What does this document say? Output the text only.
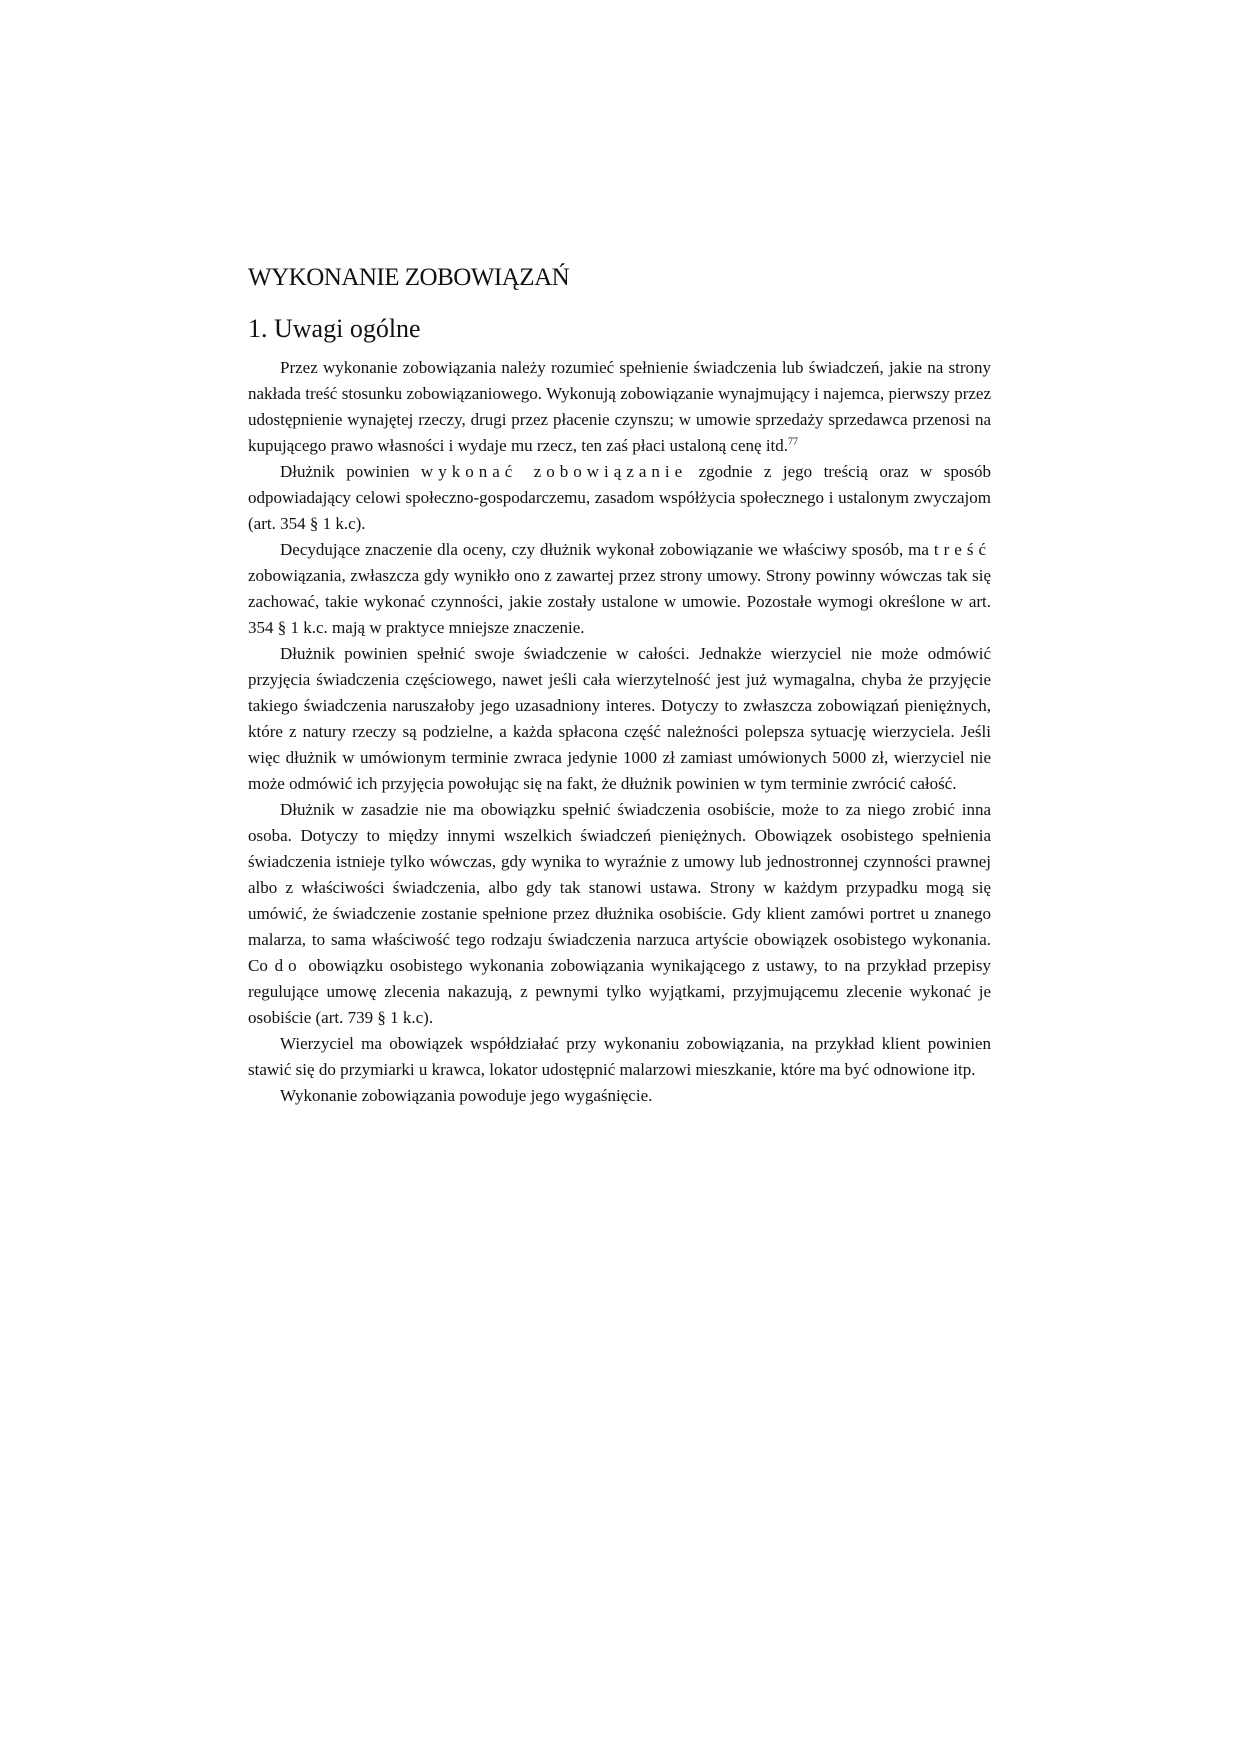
WYKONANIE ZOBOWIĄZAŃ
1. Uwagi ogólne

Przez wykonanie zobowiązania należy rozumieć spełnienie świadczenia lub świadczeń, jakie na strony nakłada treść stosunku zobowiązaniowego. Wykonują zobowiązanie wynajmujący i najemca, pierwszy przez udostępnienie wynajętej rzeczy, drugi przez płacenie czynszu; w umowie sprzedaży sprzedawca przenosi na kupującego prawo własności i wydaje mu rzecz, ten zaś płaci ustaloną cenę itd.$^{77}$

Dłużnik powinien wykonać zobowiązanie zgodnie z jego treścią oraz w sposób odpowiadający celowi społeczno-gospodarczemu, zasadom współżycia społecznego i ustalonym zwyczajom (art. 354 § 1 k.c).

Decydujące znaczenie dla oceny, czy dłużnik wykonał zobowiązanie we właściwy sposób, ma treść zobowiązania, zwłaszcza gdy wynikło ono z zawartej przez strony umowy. Strony powinny wówczas tak się zachować, takie wykonać czynności, jakie zostały ustalone w umowie. Pozostałe wymogi określone w art. 354 § 1 k.c. mają w praktyce mniejsze znaczenie.

Dłużnik powinien spełnić swoje świadczenie w całości. Jednakże wierzyciel nie może odmówić przyjęcia świadczenia częściowego, nawet jeśli cała wierzytelność jest już wymagalna, chyba że przyjęcie takiego świadczenia naruszałoby jego uzasadniony interes. Dotyczy to zwłaszcza zobowiązań pieniężnych, które z natury rzeczy są podzielne, a każda spłacona część należności polepsza sytuację wierzyciela. Jeśli więc dłużnik w umówionym terminie zwraca jedynie 1000 zł zamiast umówionych 5000 zł, wierzyciel nie może odmówić ich przyjęcia powołując się na fakt, że dłużnik powinien w tym terminie zwrócić całość.

Dłużnik w zasadzie nie ma obowiązku spełnić świadczenia osobiście, może to za niego zrobić inna osoba. Dotyczy to między innymi wszelkich świadczeń pieniężnych. Obowiązek osobistego spełnienia świadczenia istnieje tylko wówczas, gdy wynika to wyraźnie z umowy lub jednostronnej czynności prawnej albo z właściwości świadczenia, albo gdy tak stanowi ustawa. Strony w każdym przypadku mogą się umówić, że świadczenie zostanie spełnione przez dłużnika osobiście. Gdy klient zamówi portret u znanego malarza, to sama właściwość tego rodzaju świadczenia narzuca artyście obowiązek osobistego wykonania. Co do obowiązku osobistego wykonania zobowiązania wynikającego z ustawy, to na przykład przepisy regulujące umowę zlecenia nakazują, z pewnymi tylko wyjątkami, przyjmującemu zlecenie wykonać je osobiście (art. 739 § 1 k.c).

Wierzyciel ma obowiązek współdziałać przy wykonaniu zobowiązania, na przykład klient powinien stawić się do przymiarki u krawca, lokator udostępnić malarzowi mieszkanie, które ma być odnowione itp.

Wykonanie zobowiązania powoduje jego wygaśnięcie.
